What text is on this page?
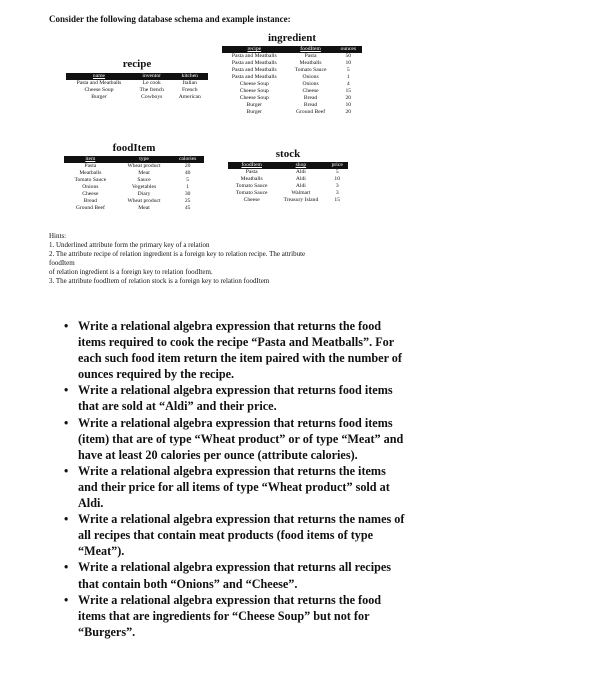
Consider the following database schema and example instance:
ingredient
recipe	foodItem	ounces
Pasta and Meatballs	Pasta	50
Pasta and Meatballs	Meatballs	10
Pasta and Meatballs	Tomato Sauce	5
Pasta and Meatballs	Onions	1
Cheese Soup	Onions	4
Cheese Soup	Cheese	15
Cheese Soup	Bread	20
Burger	Bread	10
Burger	Ground Beef	20
recipe
name	inventor	kitchen
Pasta and Meatballs	Le cook	Italian
Cheese Soup	The french	French
Burger	Cowboys	American
foodItem
item	type	calories
Pasta	Wheat product	20
Meatballs	Meat	40
Tomato Sauce	Sauce	5
Onions	Vegetables	1
Cheese	Diary	30
Bread	Wheat product	25
Ground Beef	Meat	45
stock
foodItem	shop	price
Pasta	Aldi	5
Meatballs	Aldi	10
Tomato Sauce	Aldi	3
Tomato Sauce	Walmart	3
Cheese	Treasury Island	15
Hints:
1. Underlined attribute form the primary key of a relation
2. The attribute recipe of relation ingredient is a foreign key to relation recipe. The attribute
foodItem
of relation ingredient is a foreign key to relation foodItem.
3. The attribute foodItem of relation stock is a foreign key to relation foodItem
• Write a relational algebra expression that returns the food items required to cook the recipe “Pasta and Meatballs”. For each such food item return the item paired with the number of ounces required by the recipe.
• Write a relational algebra expression that returns food items that are sold at “Aldi” and their price.
• Write a relational algebra expression that returns food items (item) that are of type “Wheat product” or of type “Meat” and have at least 20 calories per ounce (attribute calories).
• Write a relational algebra expression that returns the items and their price for all items of type “Wheat product” sold at Aldi.
• Write a relational algebra expression that returns the names of all recipes that contain meat products (food items of type “Meat”).
• Write a relational algebra expression that returns all recipes that contain both “Onions” and “Cheese”.
• Write a relational algebra expression that returns the food items that are ingredients for “Cheese Soup” but not for “Burgers”.
